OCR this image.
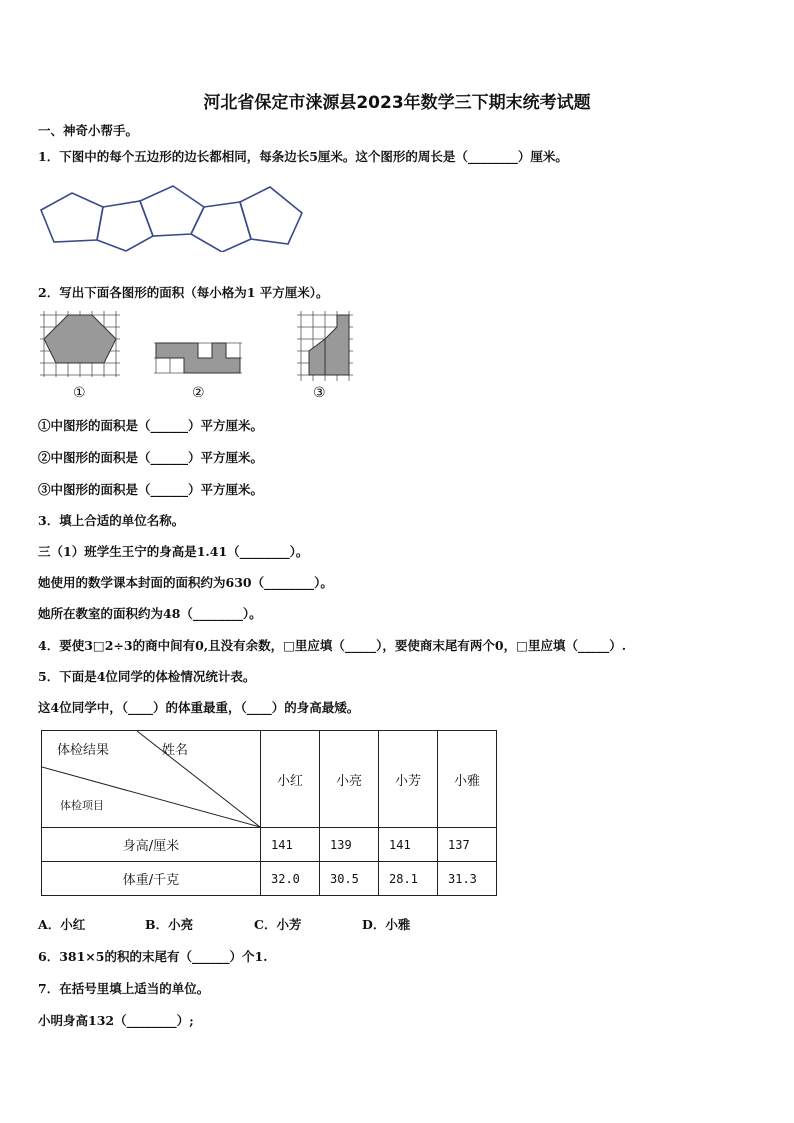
河北省保定市涞源县2023年数学三下期末统考试题
一、神奇小帮手。
1．下图中的每个五边形的边长都相同，每条边长5厘米。这个图形的周长是（________）厘米。
2．写出下面各图形的面积（每小格为1 平方厘米）。
①	②	③
①中图形的面积是（______）平方厘米。
②中图形的面积是（______）平方厘米。
③中图形的面积是（______）平方厘米。
3．填上合适的单位名称。
三（1）班学生王宁的身高是1.41（________）。
她使用的数学课本封面的面积约为630（________）。
她所在教室的面积约为48（________）。
4．要使3□2÷3的商中间有0,且没有余数，□里应填（_____），要使商末尾有两个0，□里应填（_____）.
5．下面是4位同学的体检情况统计表。
这4位同学中，（____）的体重最重，（____）的身高最矮。
体检结果 姓名
体检项目	小红	小亮	小芳	小雅
身高/厘米	141	139	141	137
体重/千克	32.0	30.5	28.1	31.3
A．小红	B．小亮	C．小芳	D．小雅
6．381×5的积的末尾有（______）个1.
7．在括号里填上适当的单位。
小明身高132（________）;
